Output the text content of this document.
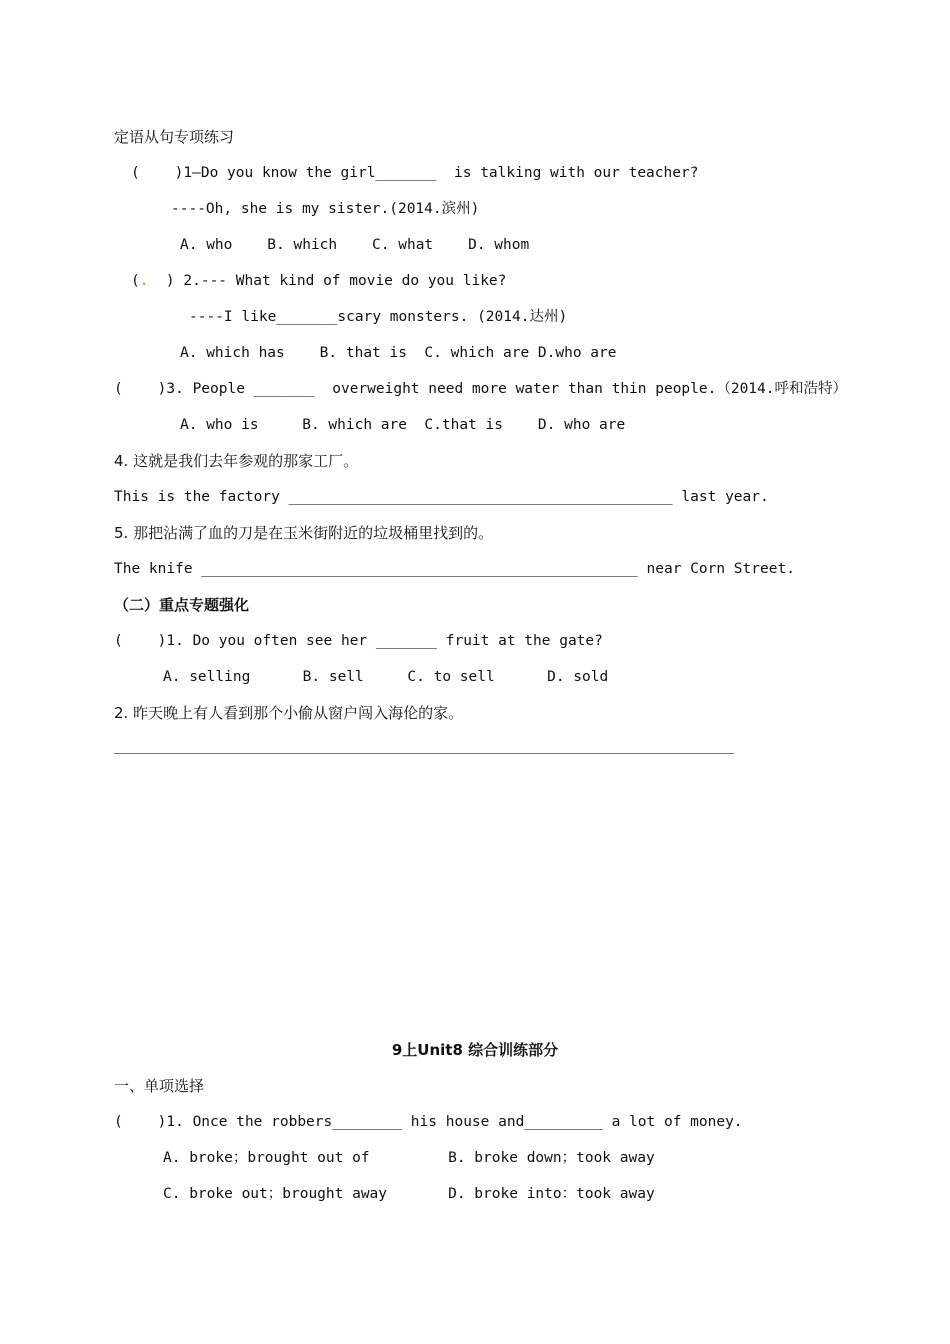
定语从句专项练习
(    )1—Do you know the girl_______  is talking with our teacher?
----Oh, she is my sister.(2014.滨州)
A. who    B. which    C. what    D. whom
(.  ) 2.--- What kind of movie do you like?
----I like_______scary monsters. (2014.达州)
A. which has    B. that is  C. which are D.who are
(    )3. People _______  overweight need more water than thin people.（2014.呼和浩特）
A. who is     B. which are  C.that is    D. who are
4. 这就是我们去年参观的那家工厂。
This is the factory ____________________________________________ last year.
5. 那把沾满了血的刀是在玉米街附近的垃圾桶里找到的。
The knife __________________________________________________ near Corn Street.
（二）重点专题强化
(    )1. Do you often see her _______ fruit at the gate?
A. selling      B. sell     C. to sell      D. sold
2. 昨天晚上有人看到那个小偷从窗户闯入海伦的家。
9上Unit8 综合训练部分
一、单项选择
(    )1. Once the robbers________ his house and_________ a lot of money.
A. broke；brought out of         B. broke down；took away
C. broke out；brought away       D. broke into：took away
